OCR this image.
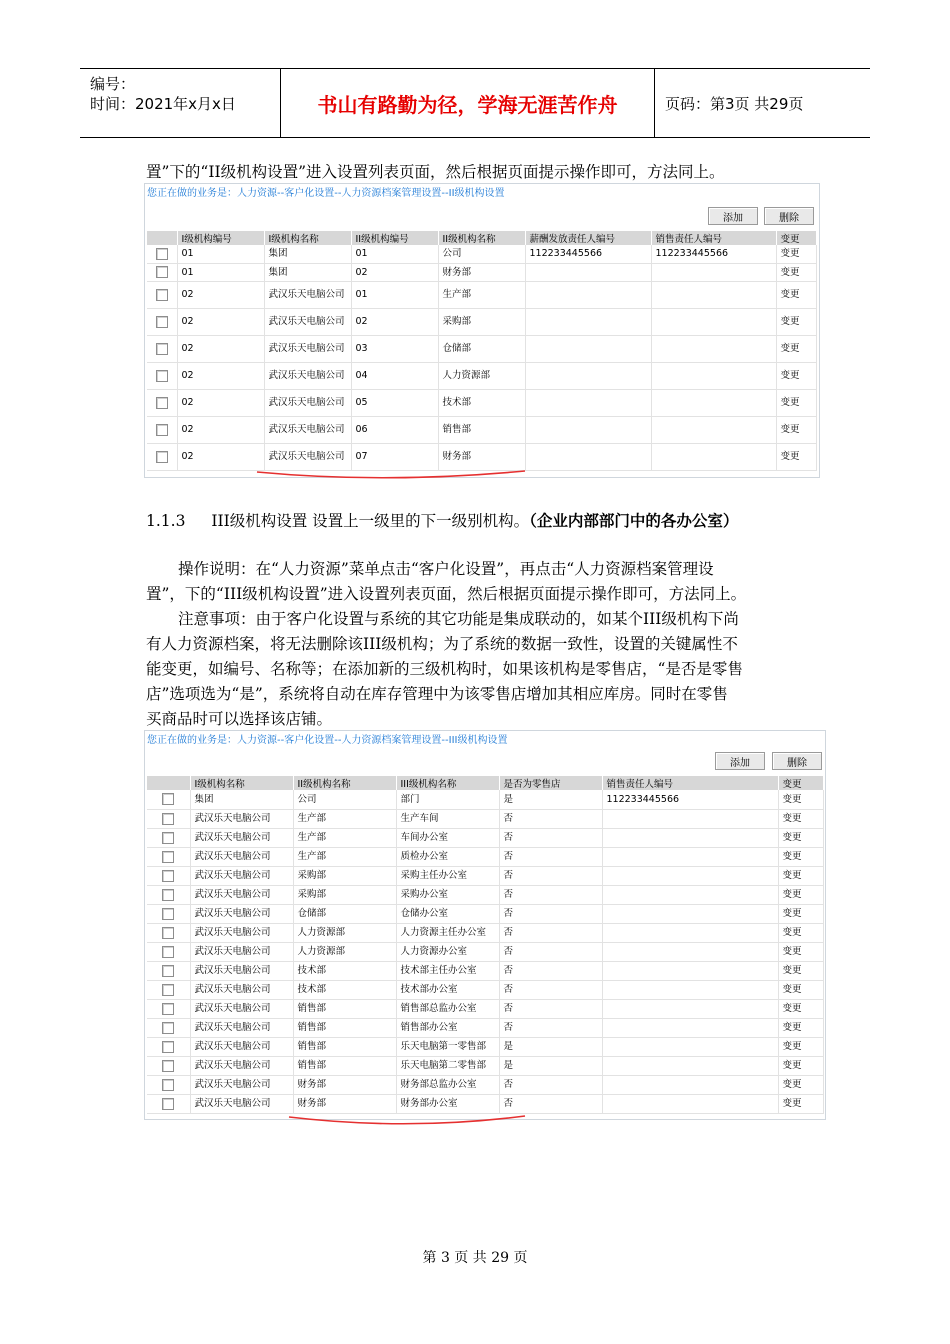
编号：
时间：2021年x月x日	书山有路勤为径，学海无涯苦作舟	页码：第3页 共29页
置”下的“II级机构设置”进入设置列表页面，然后根据页面提示操作即可，方法同上。
您正在做的业务是：人力资源--客户化设置--人力资源档案管理设置--II级机构设置
添加	删除
	I级机构编号	I级机构名称	II级机构编号	II级机构名称	薪酬发放责任人编号	销售责任人编号	变更
	01	集团	01	公司	112233445566	112233445566	变更
	01	集团	02	财务部			变更
	02	武汉乐天电脑公司	01	生产部			变更
	02	武汉乐天电脑公司	02	采购部			变更
	02	武汉乐天电脑公司	03	仓储部			变更
	02	武汉乐天电脑公司	04	人力资源部			变更
	02	武汉乐天电脑公司	05	技术部			变更
	02	武汉乐天电脑公司	06	销售部			变更
	02	武汉乐天电脑公司	07	财务部			变更
1.1.3 III级机构设置 设置上一级里的下一级别机构。（企业内部部门中的各办公室）
操作说明：在“人力资源”菜单点击“客户化设置”，再点击“人力资源档案管理设
置”，下的“III级机构设置”进入设置列表页面，然后根据页面提示操作即可，方法同上。
注意事项：由于客户化设置与系统的其它功能是集成联动的，如某个III级机构下尚
有人力资源档案，将无法删除该III级机构；为了系统的数据一致性，设置的关键属性不
能变更，如编号、名称等；在添加新的三级机构时，如果该机构是零售店，“是否是零售
店”选项选为“是”，系统将自动在库存管理中为该零售店增加其相应库房。同时在零售
买商品时可以选择该店铺。
您正在做的业务是：人力资源--客户化设置--人力资源档案管理设置--III级机构设置
添加	删除
	I级机构名称	II级机构名称	III级机构名称	是否为零售店	销售责任人编号	变更
	集团	公司	部门	是	112233445566	变更
	武汉乐天电脑公司	生产部	生产车间	否		变更
	武汉乐天电脑公司	生产部	车间办公室	否		变更
	武汉乐天电脑公司	生产部	质检办公室	否		变更
	武汉乐天电脑公司	采购部	采购主任办公室	否		变更
	武汉乐天电脑公司	采购部	采购办公室	否		变更
	武汉乐天电脑公司	仓储部	仓储办公室	否		变更
	武汉乐天电脑公司	人力资源部	人力资源主任办公室	否		变更
	武汉乐天电脑公司	人力资源部	人力资源办公室	否		变更
	武汉乐天电脑公司	技术部	技术部主任办公室	否		变更
	武汉乐天电脑公司	技术部	技术部办公室	否		变更
	武汉乐天电脑公司	销售部	销售部总监办公室	否		变更
	武汉乐天电脑公司	销售部	销售部办公室	否		变更
	武汉乐天电脑公司	销售部	乐天电脑第一零售部	是		变更
	武汉乐天电脑公司	销售部	乐天电脑第二零售部	是		变更
	武汉乐天电脑公司	财务部	财务部总监办公室	否		变更
	武汉乐天电脑公司	财务部	财务部办公室	否		变更
第 3 页 共 29 页
